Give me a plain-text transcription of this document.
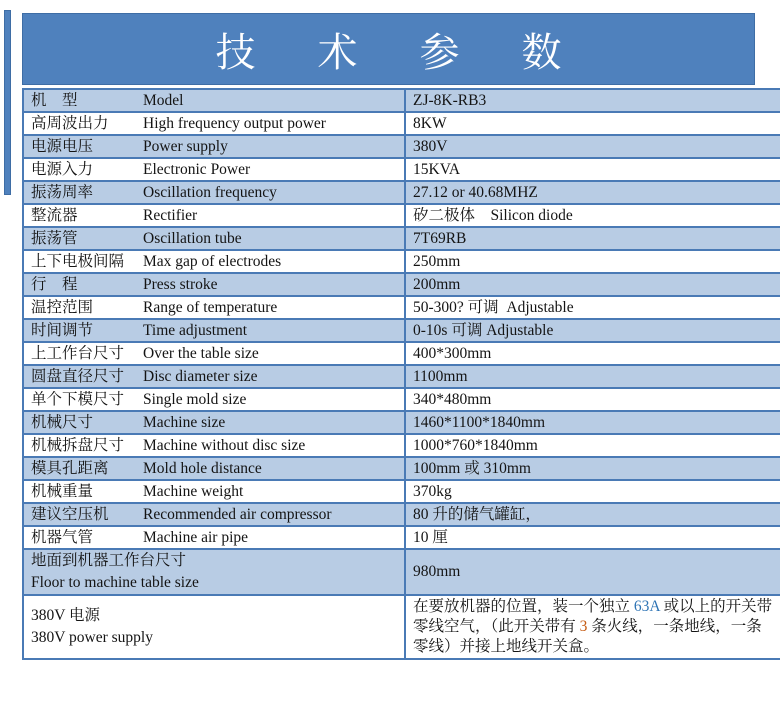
技 术 参 数
机　型 Model	ZJ-8K-RB3
高周波出力 High frequency output power	8KW
电源电压 Power supply	380V
电源入力 Electronic Power	15KVA
振荡周率 Oscillation frequency	27.12 or 40.68MHZ
整流器 Rectifier	矽二极体　Silicon diode
振荡管 Oscillation tube	7T69RB
上下电极间隔 Max gap of electrodes	250mm
行　程 Press stroke	200mm
温控范围 Range of temperature	50-300? 可调  Adjustable
时间调节 Time adjustment	0-10s 可调 Adjustable
上工作台尺寸 Over the table size	400*300mm
圆盘直径尺寸 Disc diameter size	1100mm
单个下模尺寸 Single mold size	340*480mm
机械尺寸 Machine size	1460*1100*1840mm
机械拆盘尺寸 Machine without disc size	1000*760*1840mm
模具孔距离 Mold hole distance	100mm 或 310mm
机械重量 Machine weight	370kg
建议空压机 Recommended air compressor	80 升的储气罐缸，
机器气管 Machine air pipe	10 厘

地面到机器工作台尺寸
Floor to machine table size	980mm

380V 电源
380V power supply	在要放机器的位置，装一个独立 63A 或以上的开关带零线空气，（此开关带有 3 条火线，一条地线，一条零线）并接上地线开关盒。
